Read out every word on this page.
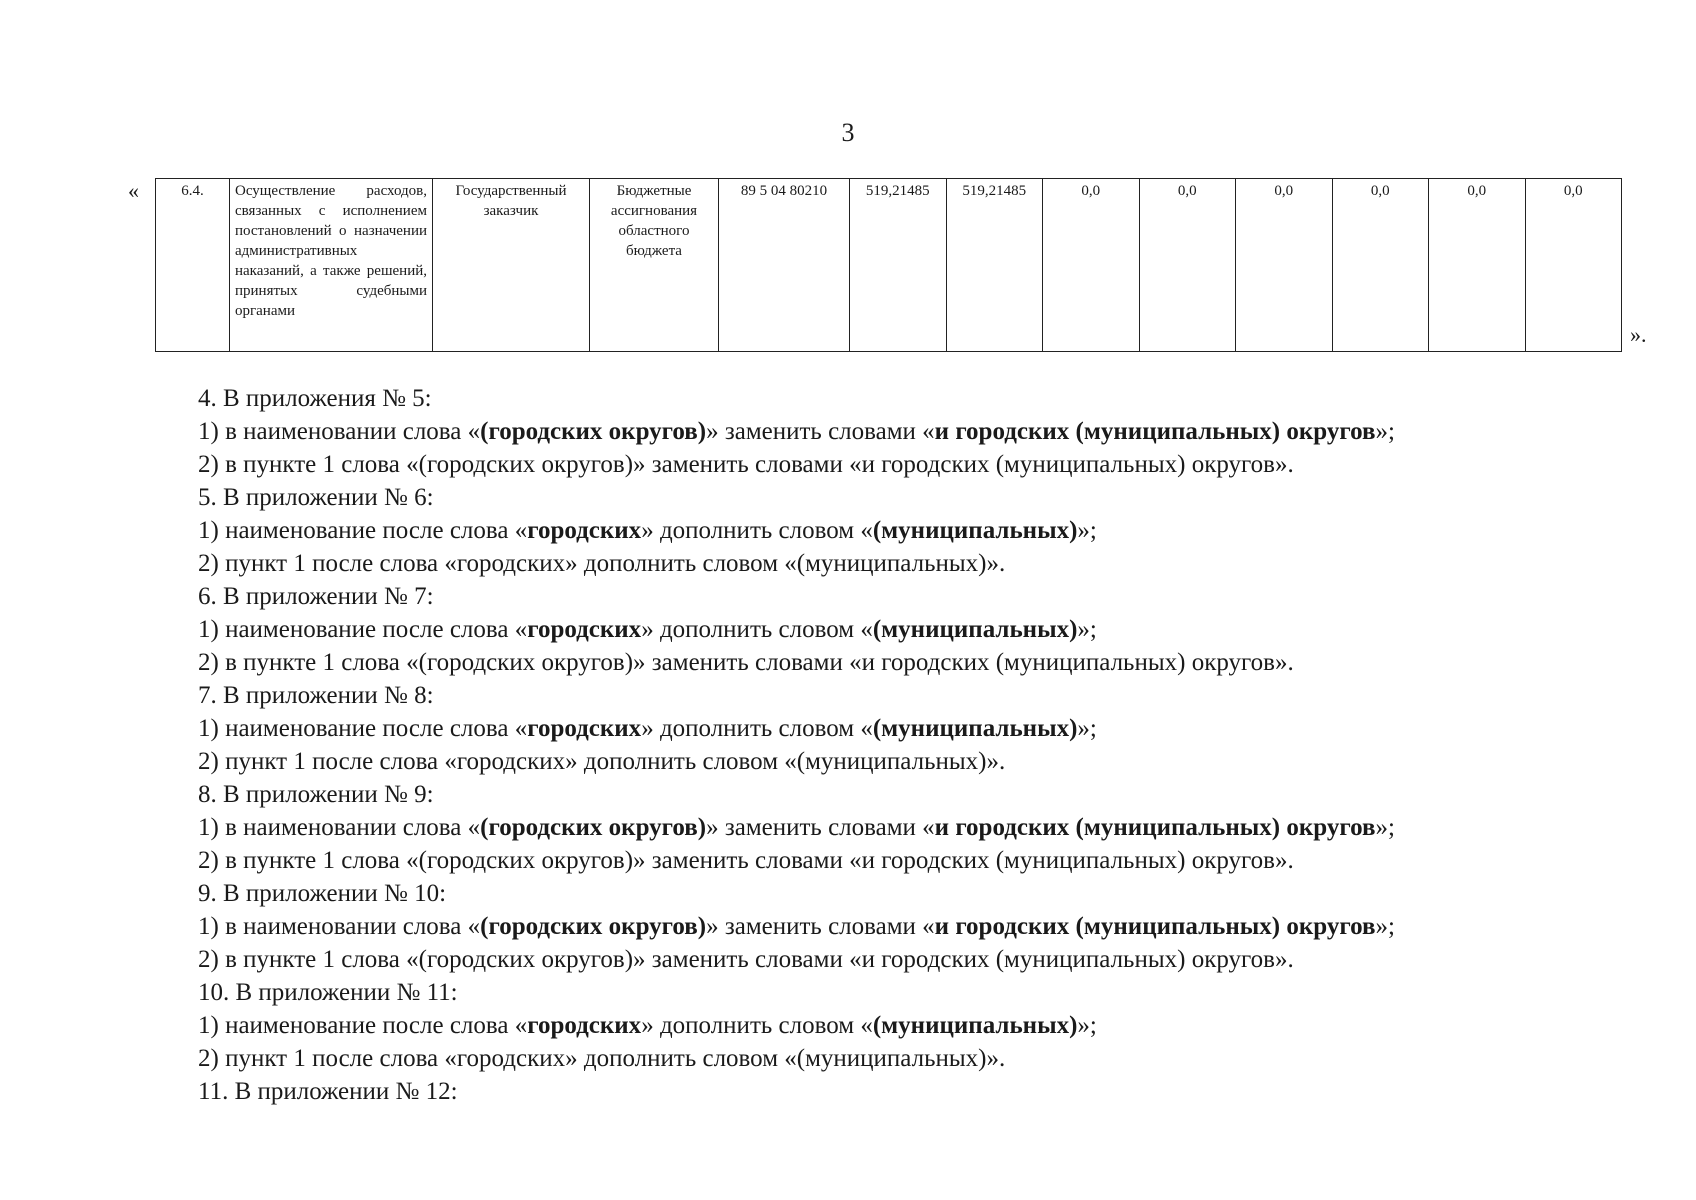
3
«	6.4.	Осуществление расходов, связанных с исполнением постановлений о назначении административных наказаний, а также решений, принятых судебными органами	Государственный заказчик	Бюджетные ассигнования областного бюджета	89 5 04 80210	519,21485	519,21485	0,0	0,0	0,0	0,0	0,0	0,0
».
4. В приложения № 5:
1) в наименовании слова «(городских округов)» заменить словами «и городских (муниципальных) округов»;
2) в пункте 1 слова «(городских округов)» заменить словами «и городских (муниципальных) округов».
5. В приложении № 6:
1) наименование после слова «городских» дополнить словом «(муниципальных)»;
2) пункт 1 после слова «городских» дополнить словом «(муниципальных)».
6. В приложении № 7:
1) наименование после слова «городских» дополнить словом «(муниципальных)»;
2) в пункте 1 слова «(городских округов)» заменить словами «и городских (муниципальных) округов».
7. В приложении № 8:
1) наименование после слова «городских» дополнить словом «(муниципальных)»;
2) пункт 1 после слова «городских» дополнить словом «(муниципальных)».
8. В приложении № 9:
1) в наименовании слова «(городских округов)» заменить словами «и городских (муниципальных) округов»;
2) в пункте 1 слова «(городских округов)» заменить словами «и городских (муниципальных) округов».
9. В приложении № 10:
1) в наименовании слова «(городских округов)» заменить словами «и городских (муниципальных) округов»;
2) в пункте 1 слова «(городских округов)» заменить словами «и городских (муниципальных) округов».
10. В приложении № 11:
1) наименование после слова «городских» дополнить словом «(муниципальных)»;
2) пункт 1 после слова «городских» дополнить словом «(муниципальных)».
11. В приложении № 12:
